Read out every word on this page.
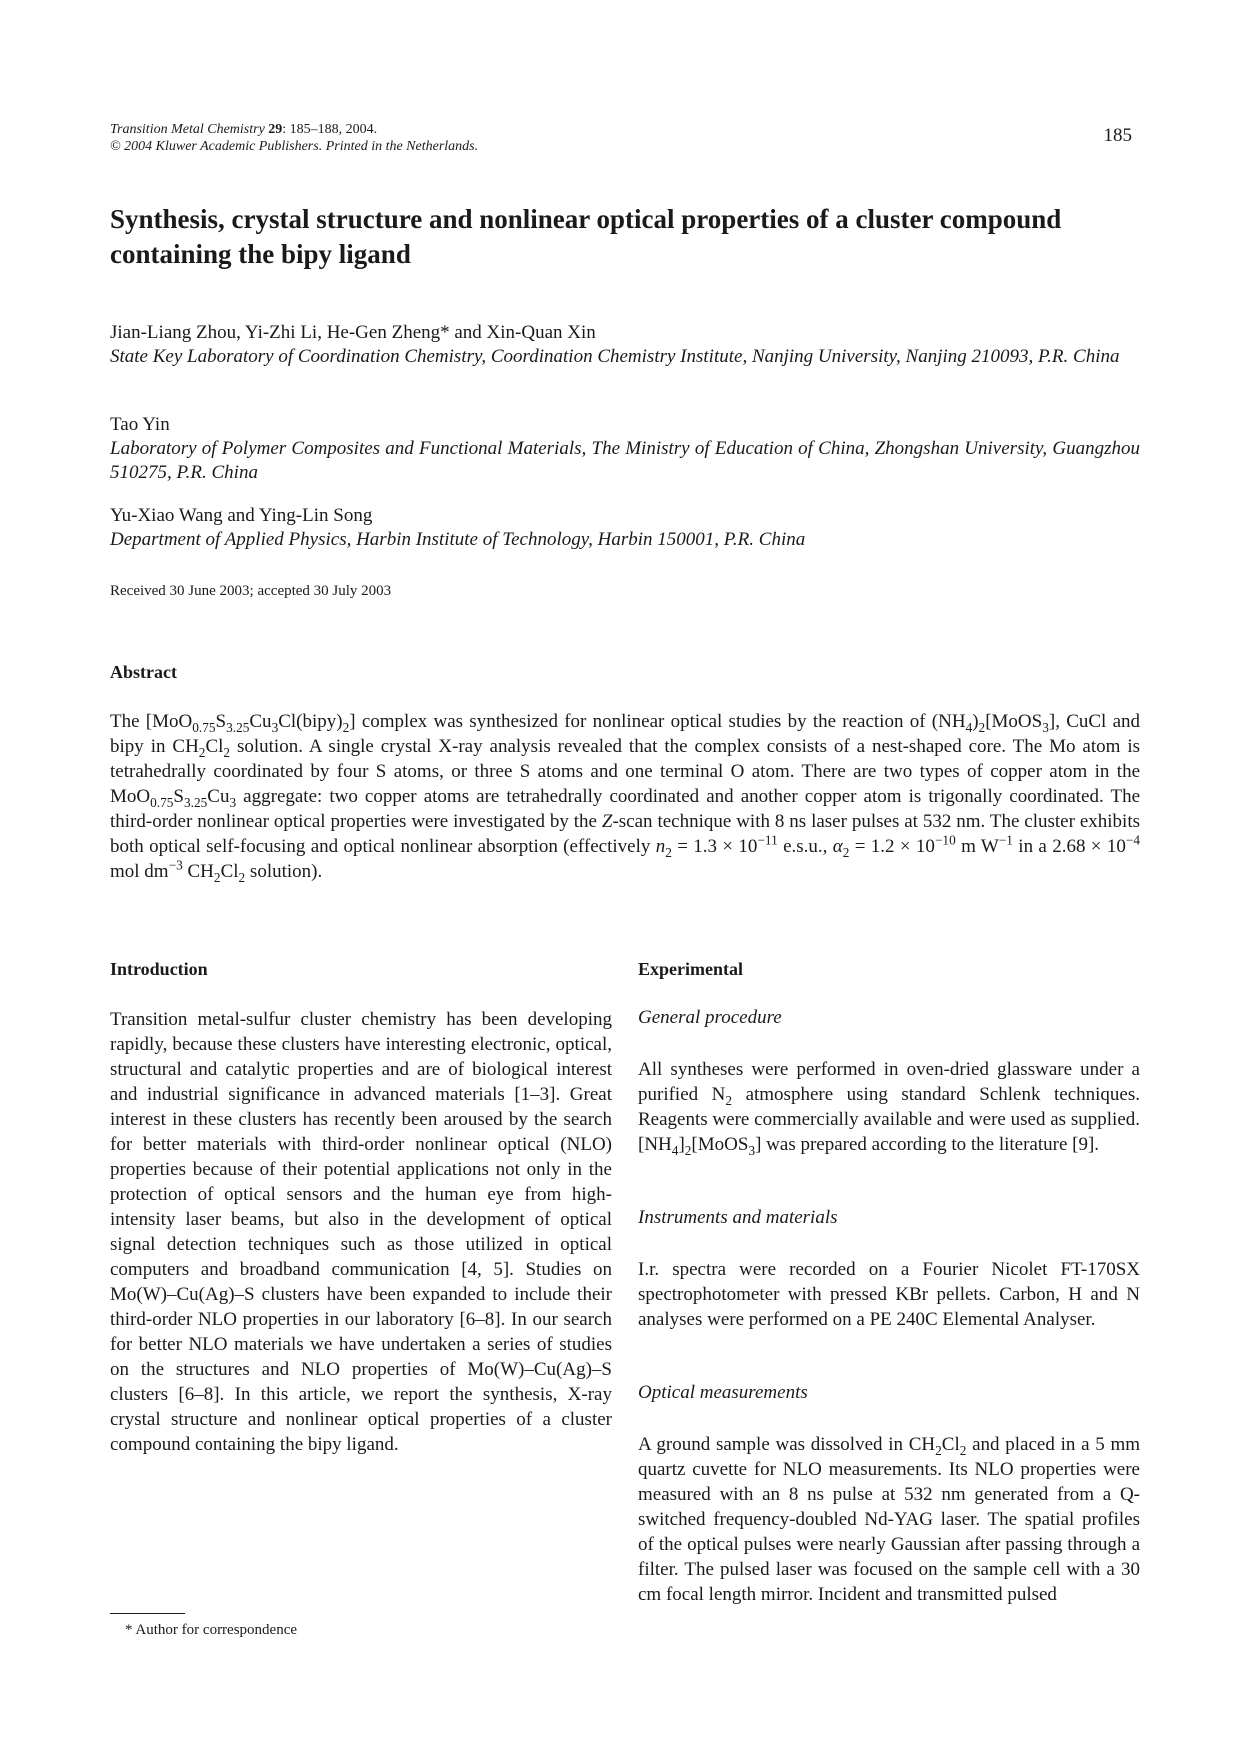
Transition Metal Chemistry 29: 185–188, 2004.
© 2004 Kluwer Academic Publishers. Printed in the Netherlands.
185
Synthesis, crystal structure and nonlinear optical properties of a cluster compound containing the bipy ligand
Jian-Liang Zhou, Yi-Zhi Li, He-Gen Zheng* and Xin-Quan Xin
State Key Laboratory of Coordination Chemistry, Coordination Chemistry Institute, Nanjing University, Nanjing 210093, P.R. China
Tao Yin
Laboratory of Polymer Composites and Functional Materials, The Ministry of Education of China, Zhongshan University, Guangzhou 510275, P.R. China
Yu-Xiao Wang and Ying-Lin Song
Department of Applied Physics, Harbin Institute of Technology, Harbin 150001, P.R. China
Received 30 June 2003; accepted 30 July 2003
Abstract
The $[MoO_{0.75}S_{3.25}Cu_3Cl(bipy)_2]$ complex was synthesized for nonlinear optical studies by the reaction of $(NH_4)_2[MoOS_3]$, CuCl and bipy in $CH_2Cl_2$ solution. A single crystal X-ray analysis revealed that the complex consists of a nest-shaped core. The Mo atom is tetrahedrally coordinated by four S atoms, or three S atoms and one terminal O atom. There are two types of copper atom in the $MoO_{0.75}S_{3.25}Cu_3$ aggregate: two copper atoms are tetrahedrally coordinated and another copper atom is trigonally coordinated. The third-order nonlinear optical properties were investigated by the Z-scan technique with 8 ns laser pulses at 532 nm. The cluster exhibits both optical self-focusing and optical nonlinear absorption (effectively $n_2 = 1.3 \times 10^{-11}$ e.s.u., $\alpha_2 = 1.2 \times 10^{-10}$ m $W^{-1}$ in a $2.68 \times 10^{-4}$ mol $dm^{-3}$ $CH_2Cl_2$ solution).
Introduction
Transition metal-sulfur cluster chemistry has been developing rapidly, because these clusters have interesting electronic, optical, structural and catalytic properties and are of biological interest and industrial significance in advanced materials [1–3]. Great interest in these clusters has recently been aroused by the search for better materials with third-order nonlinear optical (NLO) properties because of their potential applications not only in the protection of optical sensors and the human eye from high-intensity laser beams, but also in the development of optical signal detection techniques such as those utilized in optical computers and broadband communication [4, 5]. Studies on Mo(W)–Cu(Ag)–S clusters have been expanded to include their third-order NLO properties in our laboratory [6–8]. In our search for better NLO materials we have undertaken a series of studies on the structures and NLO properties of Mo(W)–Cu(Ag)–S clusters [6–8]. In this article, we report the synthesis, X-ray crystal structure and nonlinear optical properties of a cluster compound containing the bipy ligand.
Experimental
General procedure
All syntheses were performed in oven-dried glassware under a purified $N_2$ atmosphere using standard Schlenk techniques. Reagents were commercially available and were used as supplied. $[NH_4]_2[MoOS_3]$ was prepared according to the literature [9].
Instruments and materials
I.r. spectra were recorded on a Fourier Nicolet FT-170SX spectrophotometer with pressed KBr pellets. Carbon, H and N analyses were performed on a PE 240C Elemental Analyser.
Optical measurements
A ground sample was dissolved in $CH_2Cl_2$ and placed in a 5 mm quartz cuvette for NLO measurements. Its NLO properties were measured with an 8 ns pulse at 532 nm generated from a Q-switched frequency-doubled Nd-YAG laser. The spatial profiles of the optical pulses were nearly Gaussian after passing through a filter. The pulsed laser was focused on the sample cell with a 30 cm focal length mirror. Incident and transmitted pulsed
* Author for correspondence
